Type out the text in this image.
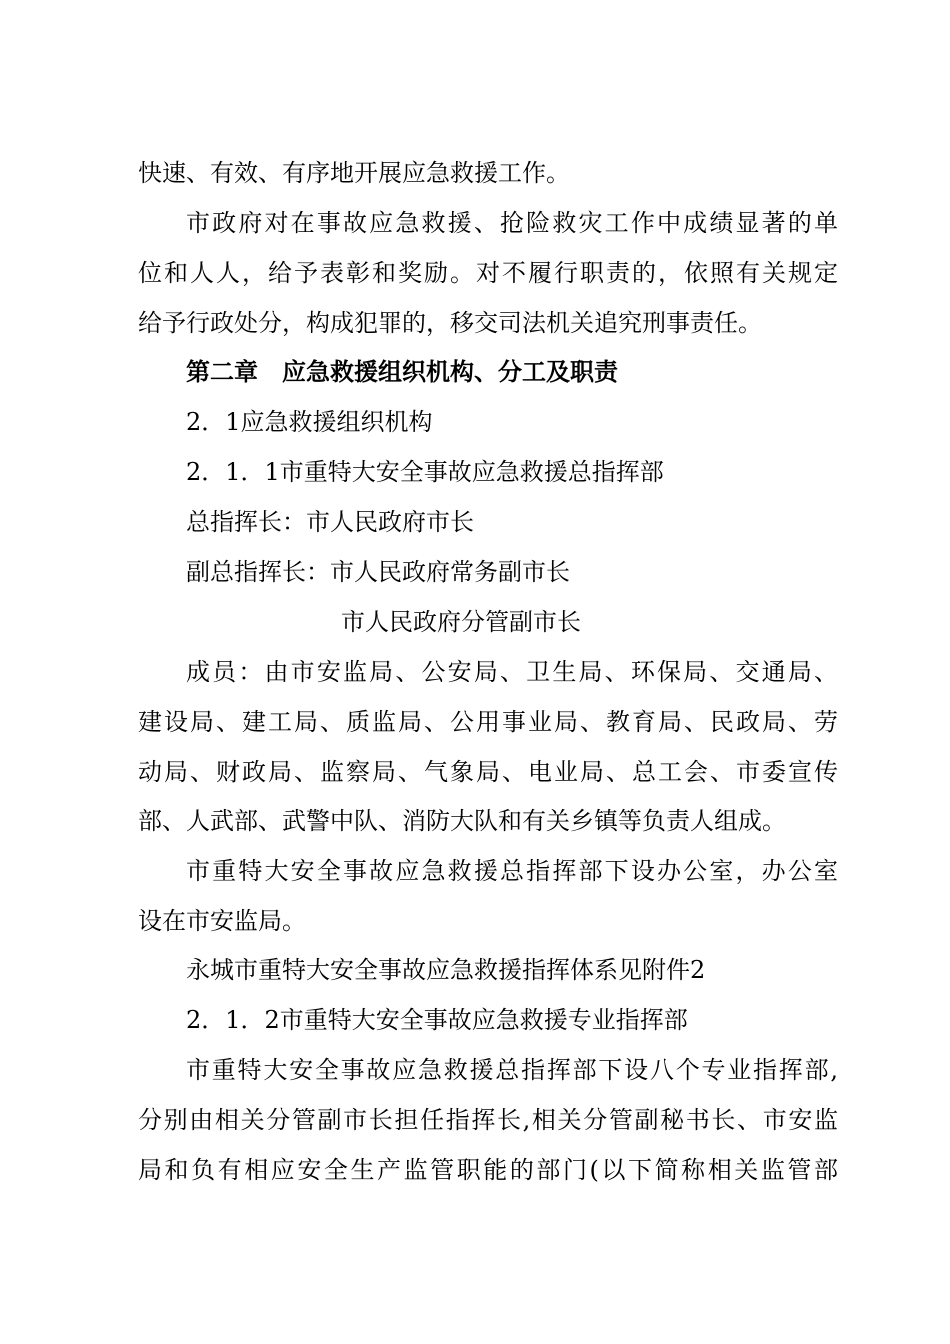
快速、有效、有序地开展应急救援工作。
市政府对在事故应急救援、抢险救灾工作中成绩显著的单
位和人人，给予表彰和奖励。对不履行职责的，依照有关规定
给予行政处分，构成犯罪的，移交司法机关追究刑事责任。
第二章　应急救援组织机构、分工及职责
2．1应急救援组织机构
2．1．1市重特大安全事故应急救援总指挥部
总指挥长：市人民政府市长
副总指挥长：市人民政府常务副市长
市人民政府分管副市长
成员：由市安监局、公安局、卫生局、环保局、交通局、
建设局、建工局、质监局、公用事业局、教育局、民政局、劳
动局、财政局、监察局、气象局、电业局、总工会、市委宣传
部、人武部、武警中队、消防大队和有关乡镇等负责人组成。
市重特大安全事故应急救援总指挥部下设办公室，办公室
设在市安监局。
永城市重特大安全事故应急救援指挥体系见附件2
2．1．2市重特大安全事故应急救援专业指挥部
市重特大安全事故应急救援总指挥部下设八个专业指挥部,
分别由相关分管副市长担任指挥长,相关分管副秘书长、市安监
局和负有相应安全生产监管职能的部门(以下简称相关监管部
